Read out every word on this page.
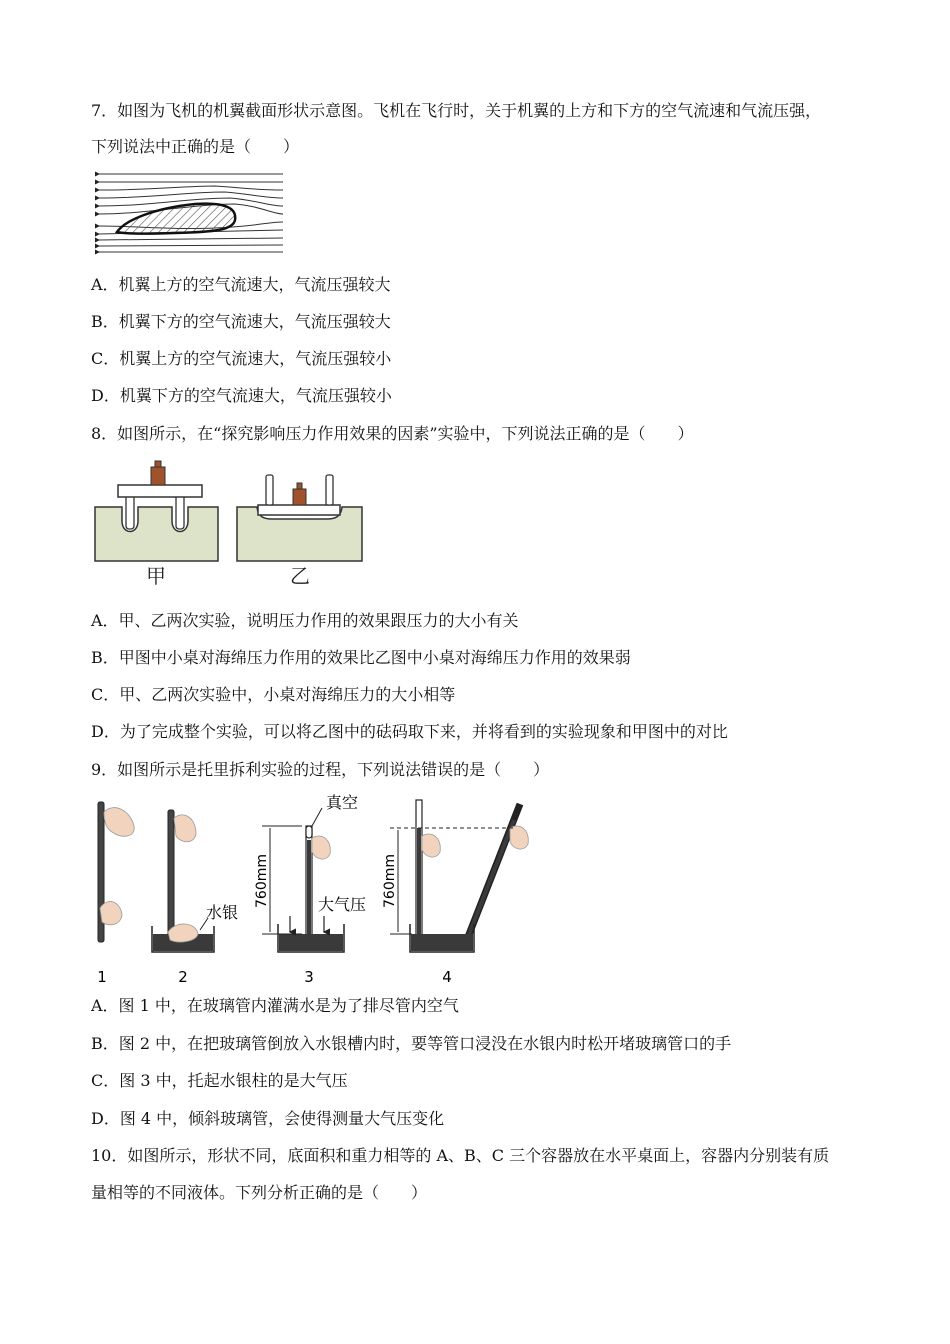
7．如图为飞机的机翼截面形状示意图。飞机在飞行时，关于机翼的上方和下方的空气流速和气流压强，
下列说法中正确的是（　　）
A．机翼上方的空气流速大，气流压强较大
B．机翼下方的空气流速大，气流压强较大
C．机翼上方的空气流速大，气流压强较小
D．机翼下方的空气流速大，气流压强较小
8．如图所示，在“探究影响压力作用效果的因素”实验中，下列说法正确的是（　　）
甲	乙
A．甲、乙两次实验，说明压力作用的效果跟压力的大小有关
B．甲图中小桌对海绵压力作用的效果比乙图中小桌对海绵压力作用的效果弱
C．甲、乙两次实验中，小桌对海绵压力的大小相等
D．为了完成整个实验，可以将乙图中的砝码取下来，并将看到的实验现象和甲图中的对比
9．如图所示是托里拆利实验的过程，下列说法错误的是（　　）
1
水银
2
真空
大气压
760mm
3
760mm
4
A．图 1 中，在玻璃管内灌满水是为了排尽管内空气
B．图 2 中，在把玻璃管倒放入水银槽内时，要等管口浸没在水银内时松开堵玻璃管口的手
C．图 3 中，托起水银柱的是大气压
D．图 4 中，倾斜玻璃管，会使得测量大气压变化
10．如图所示，形状不同，底面积和重力相等的 A、B、C 三个容器放在水平桌面上，容器内分别装有质
量相等的不同液体。下列分析正确的是（　　）
